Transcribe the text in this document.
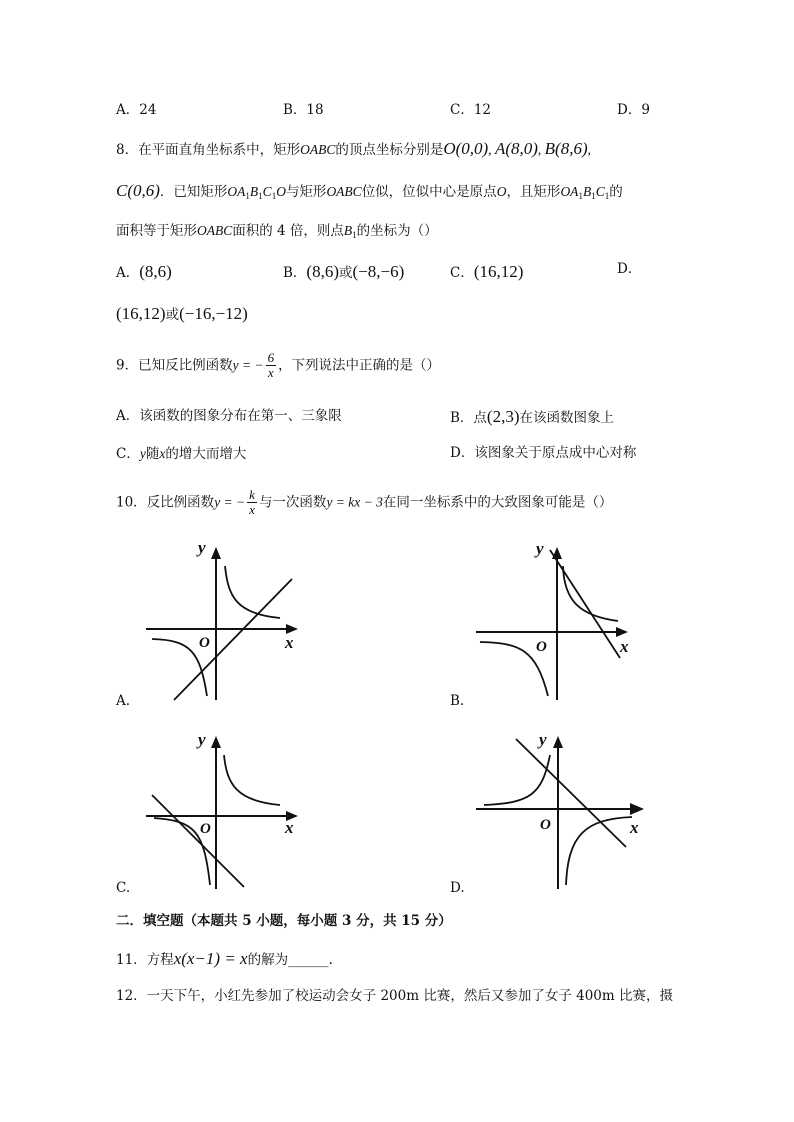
A．24	B．18	C．12	D．9
8．在平面直角坐标系中，矩形OABC的顶点坐标分别是O(0,0), A(8,0), B(8,6),
C(0,6)．已知矩形$OA_1B_1C_1O$与矩形OABC位似，位似中心是原点O，且矩形$OA_1B_1C_1$的
面积等于矩形OABC面积的 4 倍，则点$B_1$的坐标为（）
A．(8,6)	B．(8,6)或(−8,−6)	C．(16,12)	D．
(16,12)或(−16,−12)
9．已知反比例函数y = − $\frac{6}{x}$ ，下列说法中正确的是（）
A．该函数的图象分布在第一、三象限	B．点(2,3)在该函数图象上
C．y随x的增大而增大	D．该图象关于原点成中心对称
10．反比例函数y = − $\frac{k}{x}$ 与一次函数y = kx − 3在同一坐标系中的大致图象可能是（）
y
x
O
A.
y
x
O
B.
y
x
O
C.
y
x
O
D.
二．填空题（本题共 5 小题，每小题 3 分，共 15 分）
11．方程x(x−1) = x的解为______.
12．一天下午，小红先参加了校运动会女子 200m 比赛，然后又参加了女子 400m 比赛，摄
